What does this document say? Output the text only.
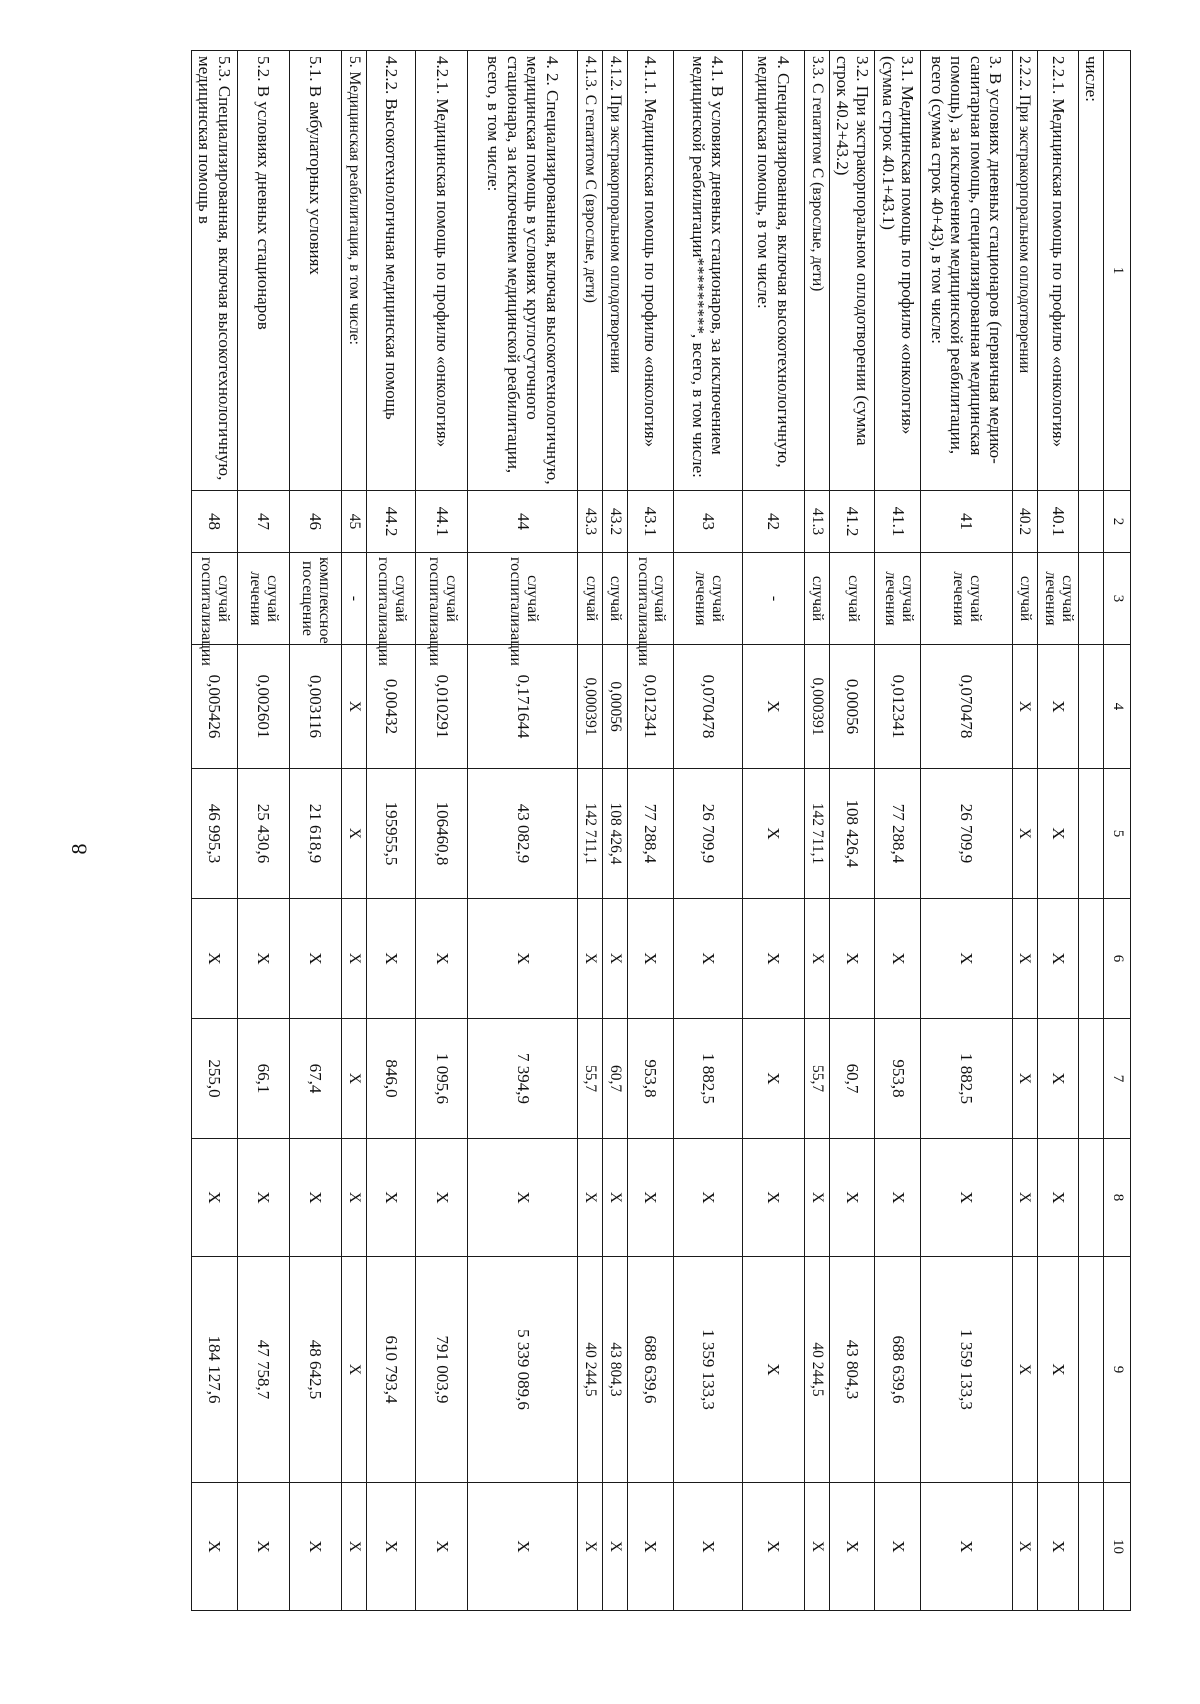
8
1	2	3	4	5	6	7	8	9	10
числе:									
2.2.1. Медицинская помощь по профилю «онкология»	40.1	случай лечения	X	X	X	X	X	X	X
2.2.2. При экстракорпоральном оплодотворении	40.2	случай	X	X	X	X	X	X	X
3. В условиях дневных стационаров (первичная медико-санитарная помощь, специализированная медицинская помощь), за исключением медицинской реабилитации, всего (сумма строк 40+43), в том числе:	41	случай лечения	0,070478	26 709,9	X	1 882,5	X	1 359 133,3	X
3.1. Медицинская помощь по профилю «онкология» (сумма строк 40.1+43.1)	41.1	случай лечения	0,012341	77 288,4	X	953,8	X	688 639,6	X
3.2. При экстракорпоральном оплодотворении (сумма строк 40.2+43.2)	41.2	случай	0,00056	108 426,4	X	60,7	X	43 804,3	X
3.3. С гепатитом С (взрослые, дети)	41.3	случай	0,000391	142 711,1	X	55,7	X	40 244,5	X
4. Специализированная, включая высокотехнологичную, медицинская помощь, в том числе:	42	-	X	X	X	X	X	X	X
4.1. В условиях дневных стационаров, за исключением медицинской реабилитации*********, всего, в том числе:	43	случай лечения	0,070478	26 709,9	X	1 882,5	X	1 359 133,3	X
4.1.1. Медицинская помощь по профилю «онкология»	43.1	случай госпитализации	0,012341	77 288,4	X	953,8	X	688 639,6	X
4.1.2. При экстракорпоральном оплодотворении	43.2	случай	0,00056	108 426,4	X	60,7	X	43 804,3	X
4.1.3. С гепатитом С (взрослые, дети)	43.3	случай	0,000391	142 711,1	X	55,7	X	40 244,5	X
4. 2. Специализированная, включая высокотехнологичную, медицинская помощь в условиях круглосуточного стационара, за исключением медицинской реабилитации, всего, в том числе:	44	случай госпитализации	0,171644	43 082,9	X	7 394,9	X	5 339 089,6	X
4.2.1. Медицинская помощь по профилю «онкология»	44.1	случай госпитализации	0,010291	106460,8	X	1 095,6	X	791 003,9	X
4.2.2. Высокотехнологичная медицинская помощь	44.2	случай госпитализации	0,00432	195955,5	X	846,0	X	610 793,4	X
5. Медицинская реабилитация, в том числе:	45	-	X	X	X	X	X	X	X
5.1. В амбулаторных условиях	46	комплексное посещение	0,003116	21 618,9	X	67,4	X	48 642,5	X
5.2. В условиях дневных стационаров	47	случай лечения	0,002601	25 430,6	X	66,1	X	47 758,7	X
5.3. Специализированная, включая высокотехнологичную, медицинская помощь в	48	случай госпитализации	0,005426	46 995,3	X	255,0	X	184 127,6	X
